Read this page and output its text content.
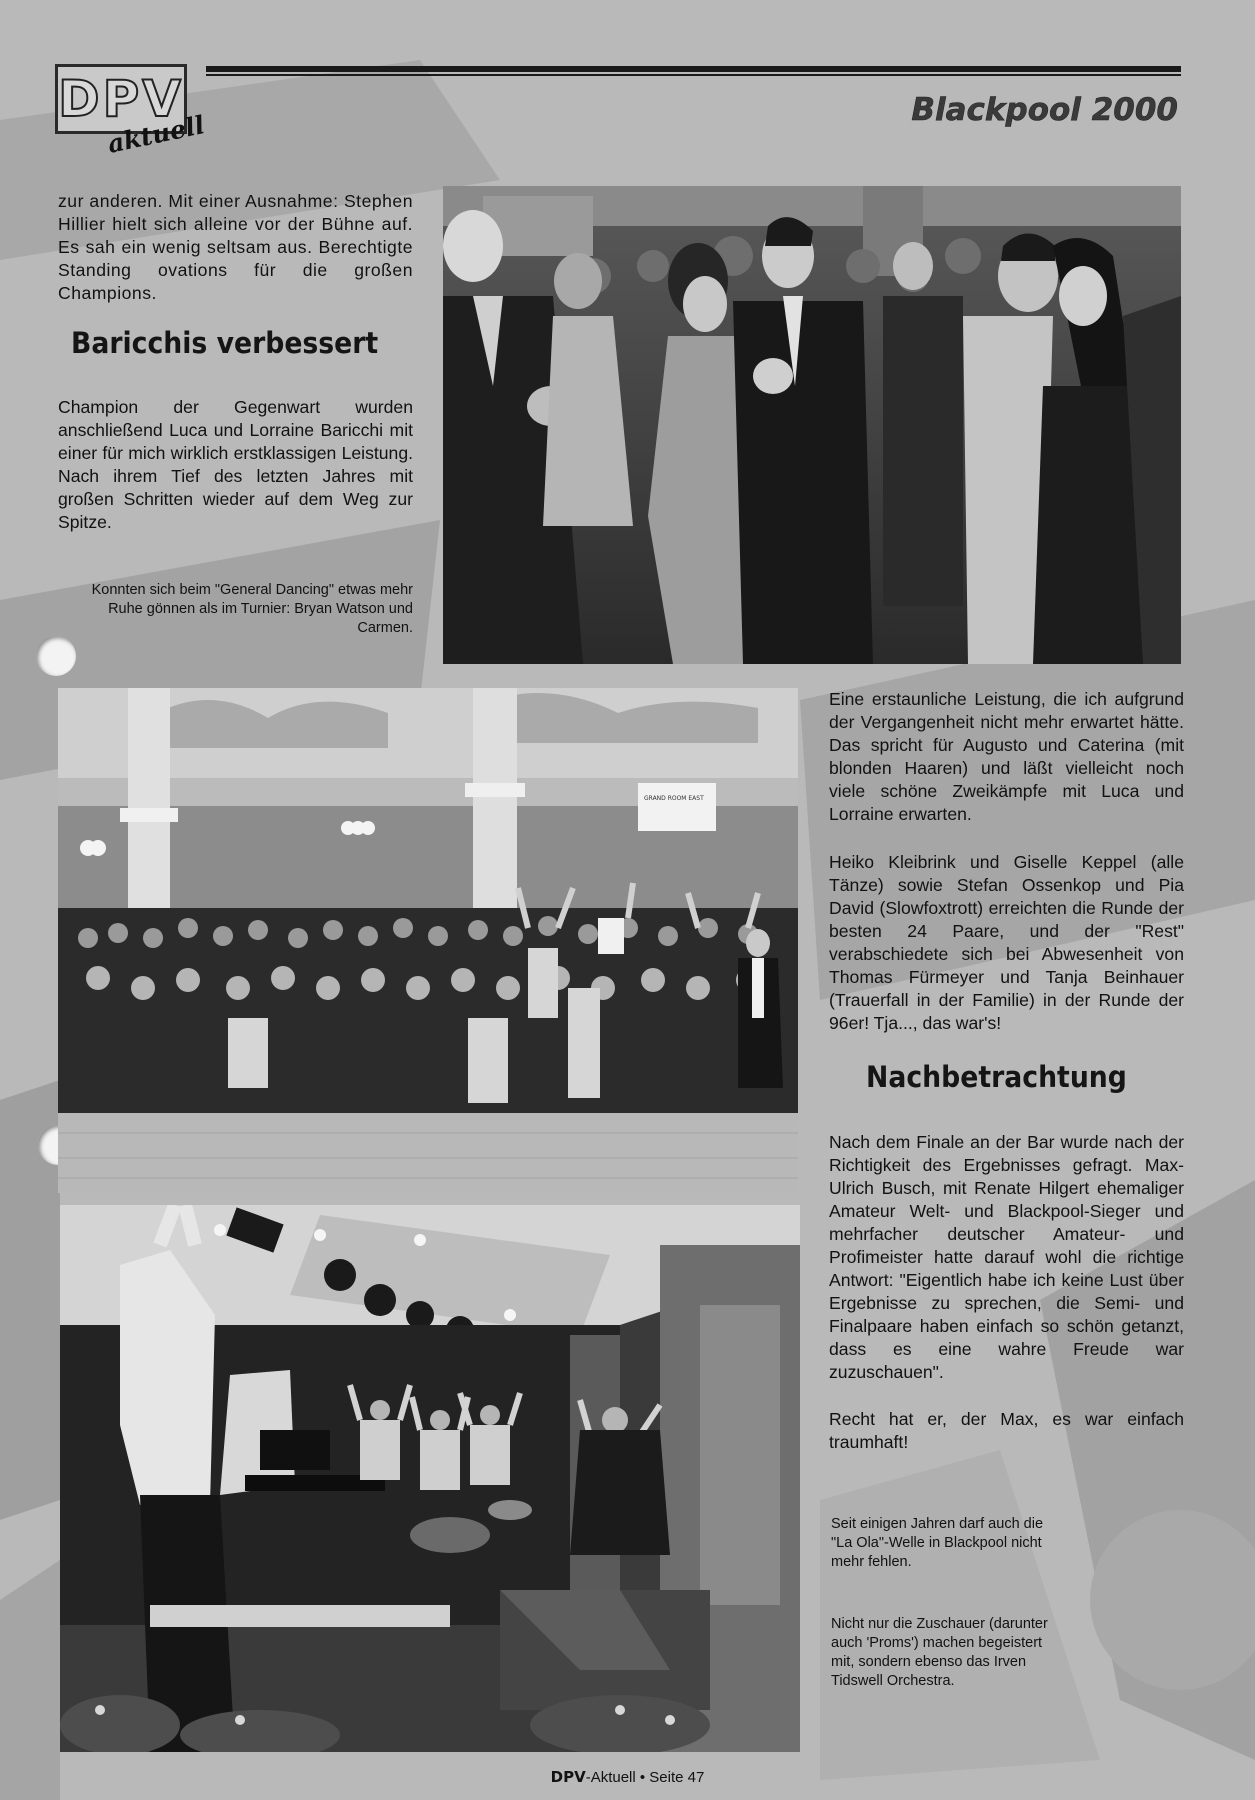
DPV
aktuell
Blackpool 2000

zur anderen. Mit einer Ausnahme: Stephen Hillier hielt sich alleine vor der Bühne auf. Es sah ein wenig seltsam aus. Berechtigte Standing ovations für die großen Champions.

Baricchis verbessert

Champion der Gegenwart wurden anschließend Luca und Lorraine Baricchi mit einer für mich wirklich erstklassigen Leistung. Nach ihrem Tief des letzten Jahres mit großen Schritten wieder auf dem Weg zur Spitze.

Konnten sich beim "General Dancing" etwas mehr Ruhe gönnen als im Turnier: Bryan Watson und Carmen.

GRAND ROOM EAST

Eine erstaunliche Leistung, die ich aufgrund der Vergangenheit nicht mehr erwartet hätte. Das spricht für Augusto und Caterina (mit blonden Haaren) und läßt vielleicht noch viele schöne Zweikämpfe mit Luca und Lorraine erwarten.

Heiko Kleibrink und Giselle Keppel (alle Tänze) sowie Stefan Ossenkop und Pia David (Slowfoxtrott) erreichten die Runde der besten 24 Paare, und der "Rest" verabschiedete sich bei Abwesenheit von Thomas Fürmeyer und Tanja Beinhauer (Trauerfall in der Familie) in der Runde der 96er! Tja..., das war's!

Nachbetrachtung

Nach dem Finale an der Bar wurde nach der Richtigkeit des Ergebnisses gefragt. Max-Ulrich Busch, mit Renate Hilgert ehemaliger Amateur Welt- und Blackpool-Sieger und mehrfacher deutscher Amateur- und Profimeister hatte darauf wohl die richtige Antwort: "Eigentlich habe ich keine Lust über Ergebnisse zu sprechen, die Semi- und Finalpaare haben einfach so schön getanzt, dass es eine wahre Freude war zuzuschauen".

Recht hat er, der Max, es war einfach traumhaft!

Seit einigen Jahren darf auch die "La Ola"-Welle in Blackpool nicht mehr fehlen.

Nicht nur die Zuschauer (darunter auch 'Proms') machen begeistert mit, sondern ebenso das Irven Tidswell Orchestra.

DPV-Aktuell • Seite 47
